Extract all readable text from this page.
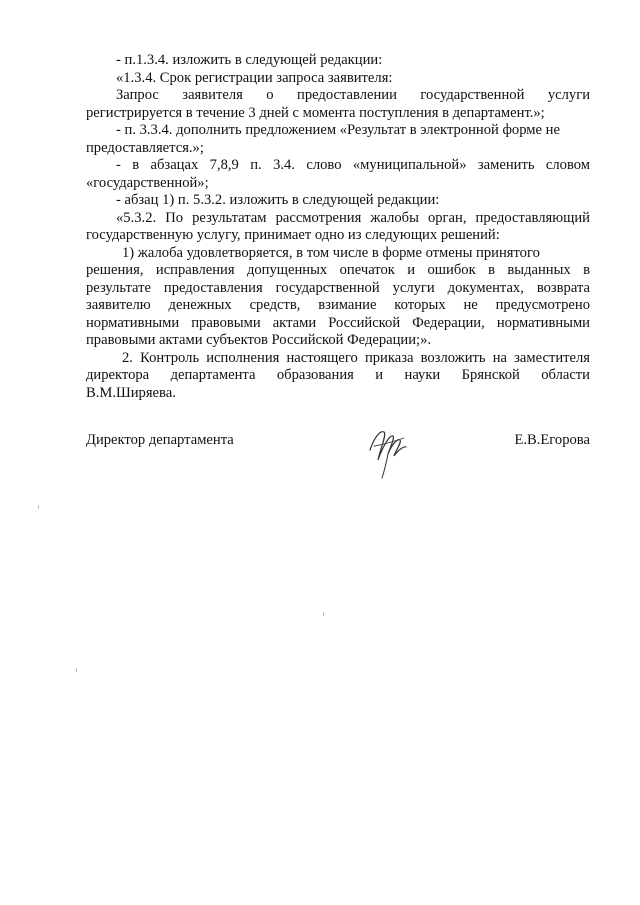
- п.1.3.4. изложить в следующей редакции:

«1.3.4. Срок регистрации запроса заявителя:

Запрос заявителя о предоставлении государственной услуги

регистрируется в течение 3 дней с момента поступления в департамент.»;

- п. 3.3.4. дополнить предложением «Результат в электронной форме не

предоставляется.»;

- в абзацах 7,8,9 п. 3.4. слово «муниципальной» заменить словом

«государственной»;

- абзац 1) п. 5.3.2. изложить в следующей редакции:

«5.3.2. По результатам рассмотрения жалобы орган, предоставляющий

государственную услугу, принимает одно из следующих решений:

1) жалоба удовлетворяется, в том числе в форме отмены принятого

решения, исправления допущенных опечаток и ошибок в выданных в

результате предоставления государственной услуги документах, возврата

заявителю денежных средств, взимание которых не предусмотрено

нормативными правовыми актами Российской Федерации, нормативными

правовыми актами субъектов Российской Федерации;».

2. Контроль исполнения настоящего приказа возложить на заместителя

директора департамента образования и науки Брянской области

В.М.Ширяева.

Директор департамента	Е.В.Егорова
